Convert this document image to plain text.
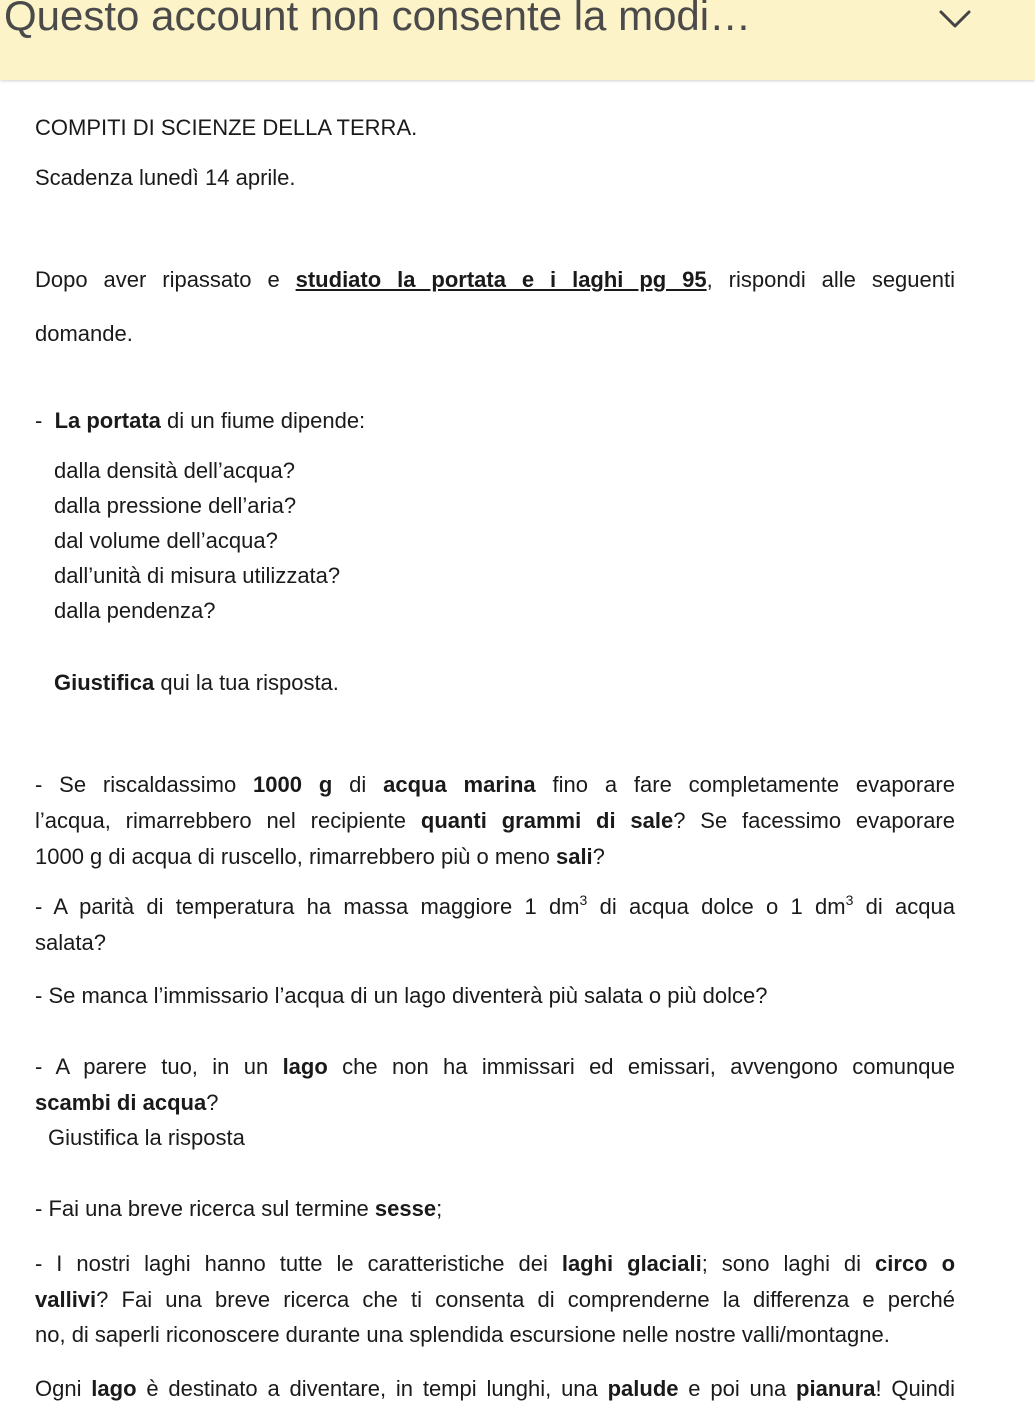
Questo account non consente la modi…
COMPITI DI SCIENZE DELLA TERRA.
Scadenza lunedì 14 aprile.
Dopo aver ripassato e studiato la portata e i laghi pg 95, rispondi alle seguenti
domande.
- La portata di un fiume dipende:
dalla densità dell’acqua?
dalla pressione dell’aria?
dal volume dell’acqua?
dall’unità di misura utilizzata?
dalla pendenza?
Giustifica qui la tua risposta.
- Se riscaldassimo 1000 g di acqua marina fino a fare completamente evaporare
l’acqua, rimarrebbero nel recipiente quanti grammi di sale? Se facessimo evaporare
1000 g di acqua di ruscello, rimarrebbero più o meno sali?
- A parità di temperatura ha massa maggiore 1 $dm^3$ di acqua dolce o 1 $dm^3$ di acqua
salata?
- Se manca l’immissario l’acqua di un lago diventerà più salata o più dolce?
- A parere tuo, in un lago che non ha immissari ed emissari, avvengono comunque
scambi di acqua?
Giustifica la risposta
- Fai una breve ricerca sul termine sesse;
- I nostri laghi hanno tutte le caratteristiche dei laghi glaciali; sono laghi di circo o
vallivi? Fai una breve ricerca che ti consenta di comprenderne la differenza e perché
no, di saperli riconoscere durante una splendida escursione nelle nostre valli/montagne.
Ogni lago è destinato a diventare, in tempi lunghi, una palude e poi una pianura! Quindi
